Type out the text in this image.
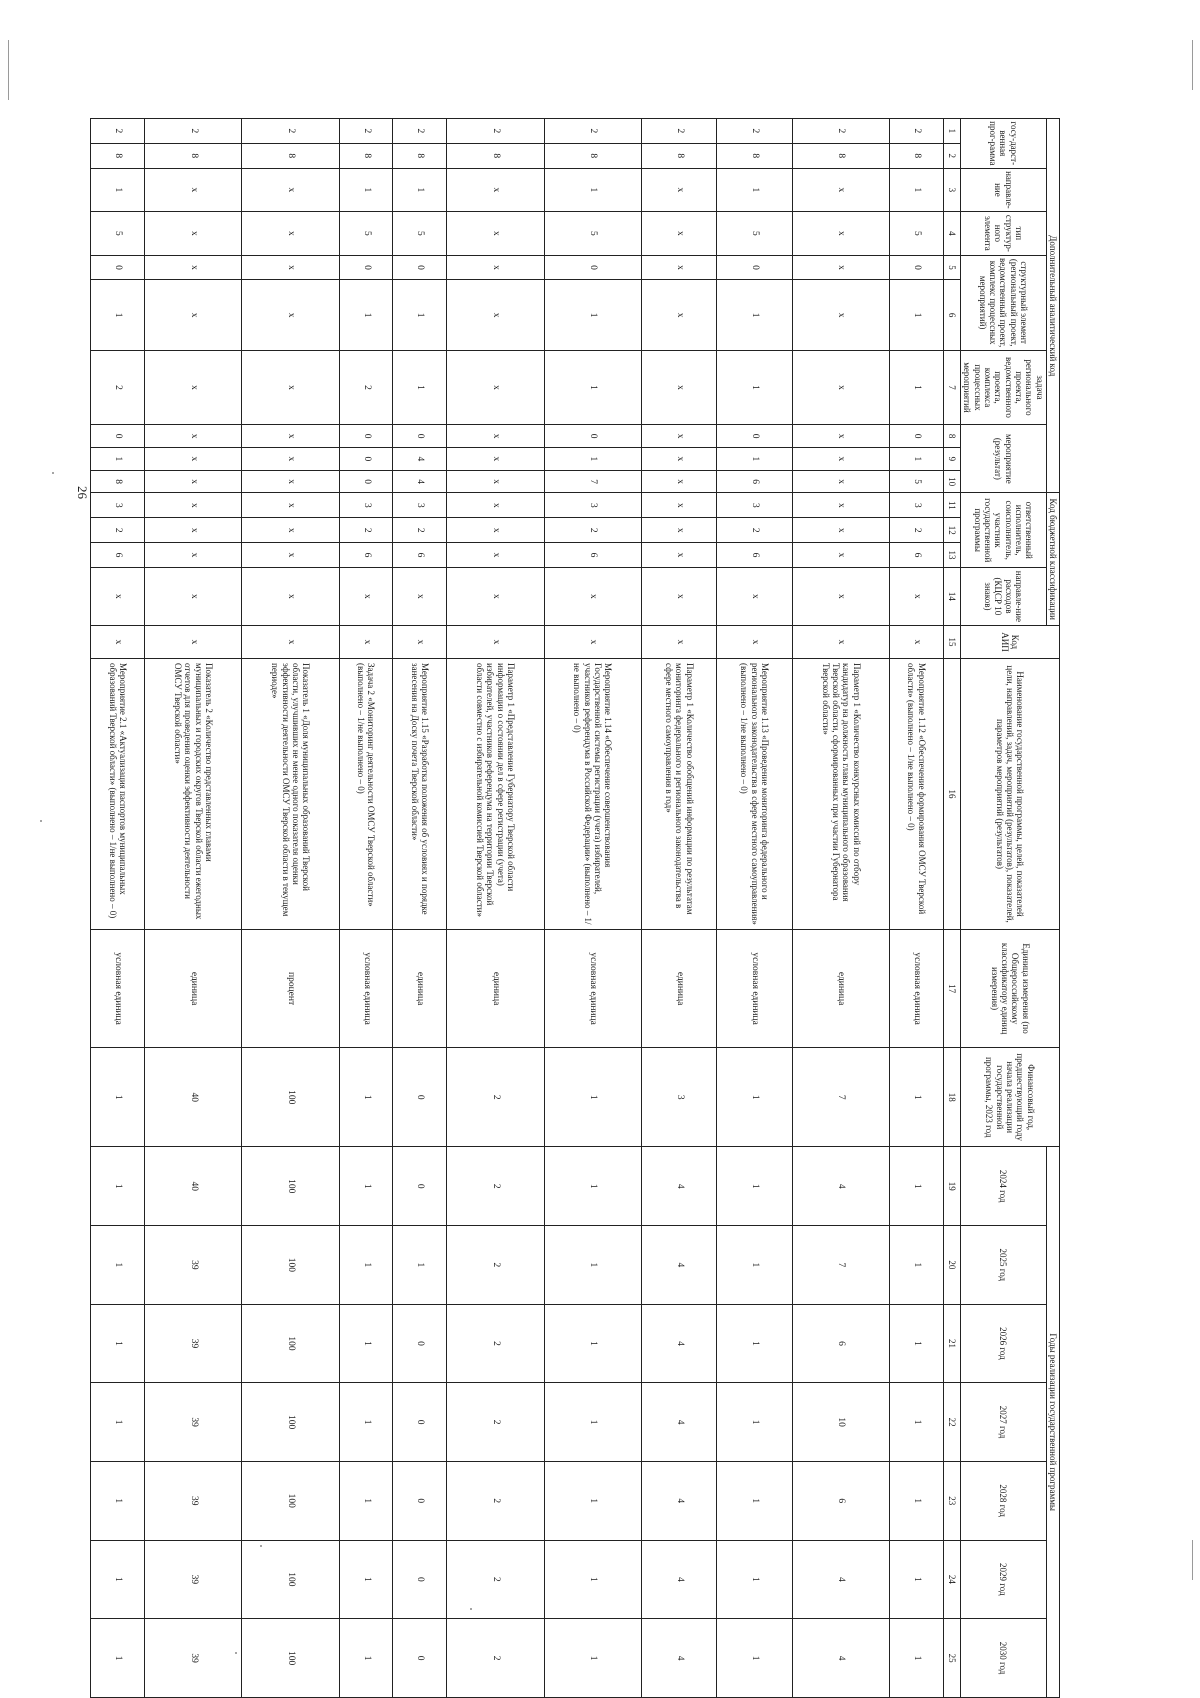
26
Дополнительный аналитический код										Код бюджетной классификации				Код АИП	Наименование государственной программы, целей, показателей цели, направлений, задач, мероприятий (результатов), показателей, параметров мероприятий (результатов)	Единица измерения (по Общероссийскому классификатору единиц измерения)	Финансовый год, предшествующий году начала реализации государственной программы, 2023 год	Годы реализации государственной программы						
госу-дарст-венная прог-рамма		направле-ние	тип структур-ного элемента	структурный элемент (региональный проект, ведомственный проект, комплекс процессных мероприятий)		задача регионального проекта, ведомственного проекта, комплекса процессных мероприятий	мероприятие (результат)			ответственный исполнитель, соисполнитель, участник государственной программы			направле-ние расходов (КЦСР 10 знаков)					2024 год	2025 год	2026 год	2027 год	2028 год	2029 год	2030 год

1	2	3	4	5	6	7	8	9	10	11	12	13	14	15	16	17	18	19	20	21	22	23	24	25
2	8	1	5	0	1	1	0	1	5	3	2	6	x	x	Мероприятие 1.12 «Обеспечение формирования ОМСУ Тверской области» (выполнено – 1/не выполнено – 0)	условная единица	1	1	1	1	1	1	1	1
2	8	x	x	x	x	x	x	x	x	x	x	x	x	x	Параметр 1 «Количество конкурсных комиссий по отбору кандидатур на должность главы муниципального образования Тверской области, сформированных при участии Губернатора Тверской области»	единица	7	4	7	6	10	6	4	4
2	8	1	5	0	1	1	0	1	6	3	2	6	x	x	Мероприятие 1.13 «Проведение мониторинга федерального и регионального законодательства в сфере местного самоуправления» (выполнено – 1/не выполнено – 0)	условная единица	1	1	1	1	1	1	1	1
2	8	x	x	x	x	x	x	x	x	x	x	x	x	x	Параметр 1 «Количество обобщений информации по результатам мониторинга федерального и регионального законодательства в сфере местного самоуправления в год»	единица	3	4	4	4	4	4	4	4
2	8	1	5	0	1	1	0	1	7	3	2	6	x	x	Мероприятие 1.14 «Обеспечение совершенствования Государственной системы регистрации (учета) избирателей, участников референдума в Российской Федерации» (выполнено – 1/не выполнено – 0)	условная единица	1	1	1	1	1	1	1	1
2	8	x	x	x	x	x	x	x	x	x	x	x	x	x	Параметр 1 «Представление Губернатору Тверской области информации о состоянии дел в сфере регистрации (учета) избирателей, участников референдума на территории Тверской области совместно с избирательной комиссией Тверской области»	единица	2	2	2	2	2	2	2	2
2	8	1	5	0	1	1	0	4	4	3	2	6	x	x	Мероприятие 1.15 «Разработка положения об условиях и порядке занесения на Доску почета Тверской области»	единица	0	0	1	0	0	0	0	0
2	8	1	5	0	1	2	0	0	0	3	2	6	x	x	Задача 2 «Мониторинг деятельности ОМСУ Тверской области» (выполнено – 1/не выполнено – 0)	условная единица	1	1	1	1	1	1	1	1
2	8	x	x	x	x	x	x	x	x	x	x	x	x	x	Показатель 1 «Доля муниципальных образований Тверской области, улучшивших не менее одного показателя оценки эффективности деятельности ОМСУ Тверской области в текущем периоде»	процент	100	100	100	100	100	100	100	100
2	8	x	x	x	x	x	x	x	x	x	x	x	x	x	Показатель 2 «Количество представленных главами муниципальных и городских округов Тверской области ежегодных отчетов для проведения оценки эффективности деятельности ОМСУ Тверской области»	единица	40	40	39	39	39	39	39	39
2	8	1	5	0	1	2	0	1	8	3	2	6	x	x	Мероприятие 2.1 «Актуализация паспортов муниципальных образований Тверской области» (выполнено – 1/не выполнено – 0)	условная единица	1	1	1	1	1	1	1	1
